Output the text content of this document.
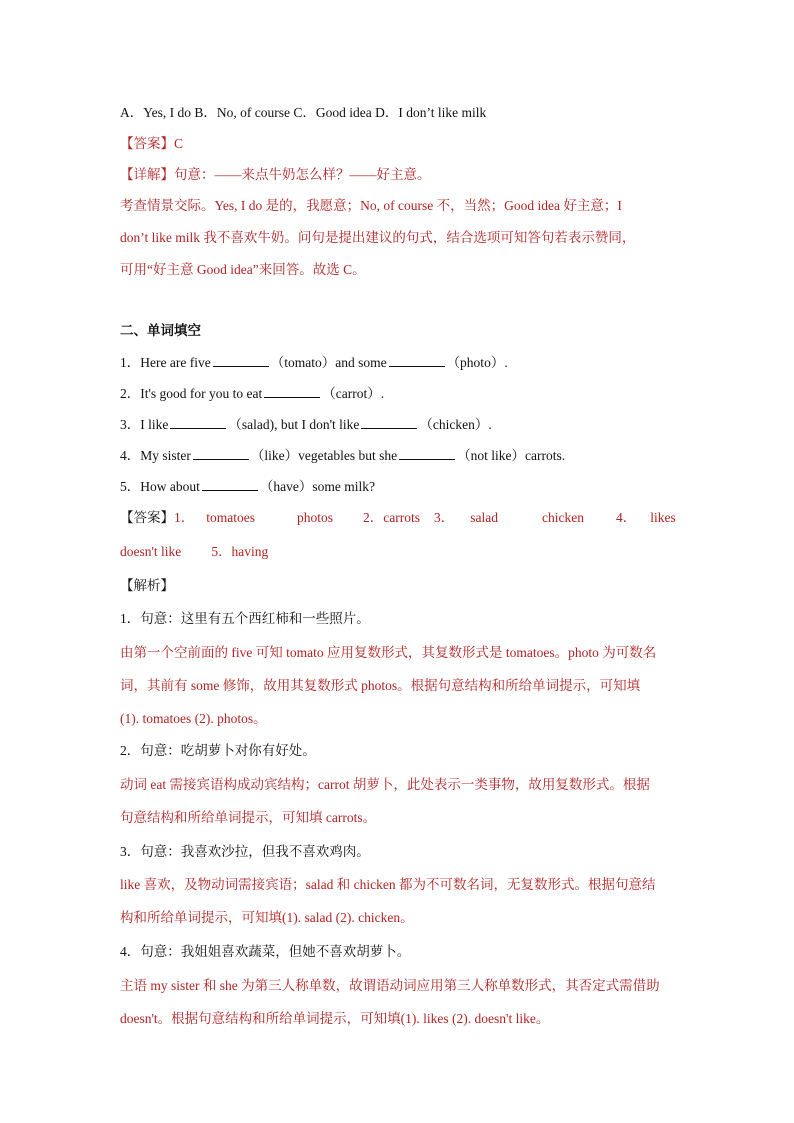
A．Yes, I do B．No, of course C．Good idea D．I don’t like milk
【答案】C
【详解】句意：——来点牛奶怎么样？——好主意。
考查情景交际。Yes, I do 是的，我愿意；No, of course 不，当然；Good idea 好主意；I
don’t like milk 我不喜欢牛奶。问句是提出建议的句式，结合选项可知答句若表示赞同，
可用“好主意 Good idea”来回答。故选 C。
二、单词填空
1．Here are five	（tomato）and some	（photo）.
2．It's good for you to eat	（carrot）.
3．I like	（salad), but I don't like	（chicken）.
4．My sister	（like）vegetables but she	（not like）carrots.
5．How about	（have）some milk?
【答案】1． tomatoes	photos 2．carrots 3． salad	chicken 4． likes
doesn't like 5．having
【解析】
1．句意：这里有五个西红柿和一些照片。
由第一个空前面的 five 可知 tomato 应用复数形式，其复数形式是 tomatoes。photo 为可数名
词，其前有 some 修饰，故用其复数形式 photos。根据句意结构和所给单词提示，可知填
(1). tomatoes (2). photos。
2．句意：吃胡萝卜对你有好处。
动词 eat 需接宾语构成动宾结构；carrot 胡萝卜，此处表示一类事物，故用复数形式。根据
句意结构和所给单词提示，可知填 carrots。
3．句意：我喜欢沙拉，但我不喜欢鸡肉。
like 喜欢，及物动词需接宾语；salad 和 chicken 都为不可数名词，无复数形式。根据句意结
构和所给单词提示，可知填(1). salad (2). chicken。
4．句意：我姐姐喜欢蔬菜，但她不喜欢胡萝卜。
主语 my sister 和 she 为第三人称单数，故谓语动词应用第三人称单数形式，其否定式需借助
doesn't。根据句意结构和所给单词提示，可知填(1). likes (2). doesn't like。
